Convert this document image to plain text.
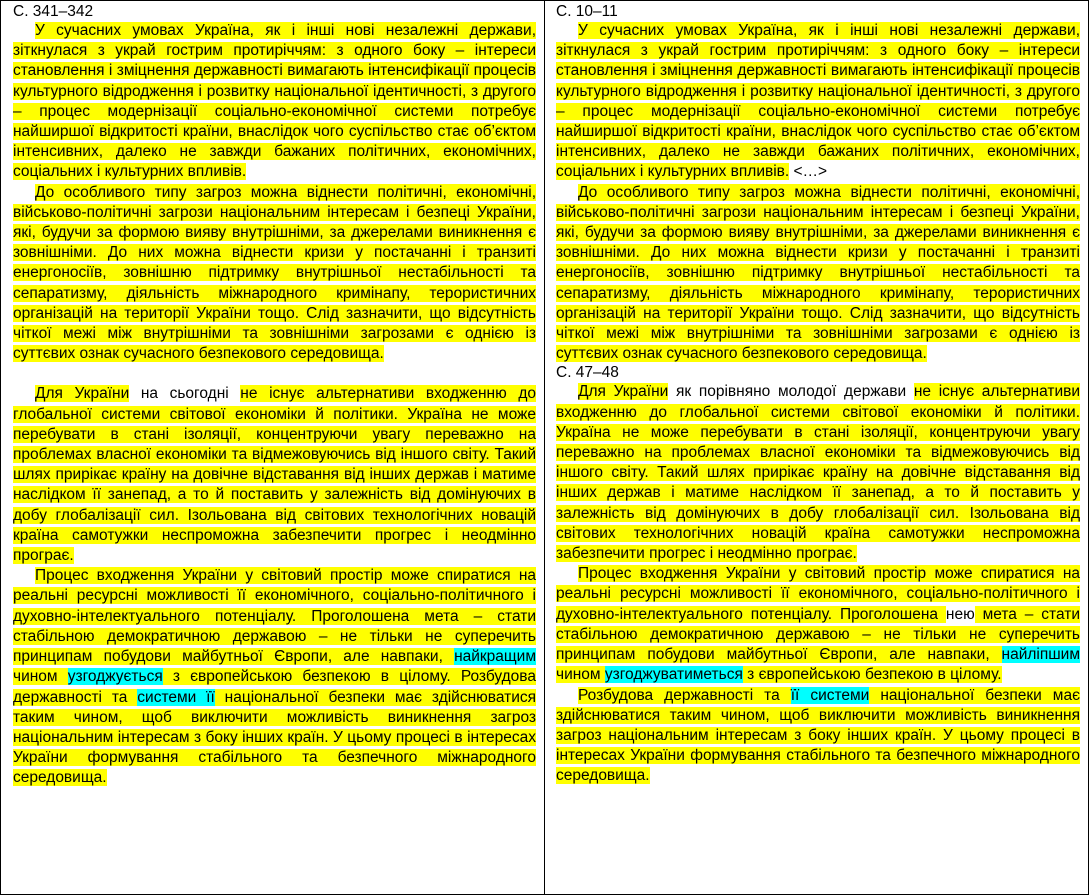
С. 341–342

У сучасних умовах Україна, як і інші нові незалежні держави, зіткнулася з украй гострим протиріччям: з одного боку – інтереси становлення і зміцнення державності вимагають інтенсифікації процесів культурного відродження і розвитку національної ідентичності, з другого – процес модернізації соціально-економічної системи потребує найширшої відкритості країни, внаслідок чого суспільство стає об’єктом інтенсивних, далеко не завжди бажаних політичних, економічних, соціальних і культурних впливів.

До особливого типу загроз можна віднести політичні, економічні, військово-політичні загрози національним інтересам і безпеці України, які, будучи за формою вияву внутрішніми, за джерелами виникнення є зовнішніми. До них можна віднести кризи у постачанні і транзиті енергоносіїв, зовнішню підтримку внутрішньої нестабільності та сепаратизму, діяльність міжнародного кримінапу, терористичних організацій на території України тощо. Слід зазначити, що відсутність чіткої межі між внутрішніми та зовнішніми загрозами є однією із суттєвих ознак сучасного безпекового середовища.

Для України на сьогодні не існує альтернативи входженню до глобальної системи світової економіки й політики. Україна не може перебувати в стані ізоляції, концентруючи увагу переважно на проблемах власної економіки та відмежовуючись від іншого світу. Такий шлях прирікає країну на довічне відставання від інших держав і матиме наслідком її занепад, а то й поставить у залежність від домінуючих в добу глобалізації сил. Ізольована від світових технологічних новацій країна самотужки неспроможна забезпечити прогрес і неодмінно програє.

Процес входження України у світовий простір може спиратися на реальні ресурсні можливості її економічного, соціально-політичного і духовно-інтелектуального потенціалу. Проголошена мета – стати стабільною демократичною державою – не тільки не суперечить принципам побудови майбутньої Європи, але навпаки, найкращим чином узгоджується з європейською безпекою в цілому. Розбудова державності та системи її національної безпеки має здійснюватися таким чином, щоб виключити можливість виникнення загроз національним інтересам з боку інших країн. У цьому процесі в інтересах України формування стабільного та безпечного міжнародного середовища.

С. 10–11

У сучасних умовах Україна, як і інші нові незалежні держави, зіткнулася з украй гострим протиріччям: з одного боку – інтереси становлення і зміцнення державності вимагають інтенсифікації процесів культурного відродження і розвитку національної ідентичності, з другого – процес модернізації соціально-економічної системи потребує найширшої відкритості країни, внаслідок чого суспільство стає об’єктом інтенсивних, далеко не завжди бажаних політичних, економічних, соціальних і культурних впливів. <…>

До особливого типу загроз можна віднести політичні, економічні, військово-політичні загрози національним інтересам і безпеці України, які, будучи за формою вияву внутрішніми, за джерелами виникнення є зовнішніми. До них можна віднести кризи у постачанні і транзиті енергоносіїв, зовнішню підтримку внутрішньої нестабільності та сепаратизму, діяльність міжнародного кримінапу, терористичних організацій на території України тощо. Слід зазначити, що відсутність чіткої межі між внутрішніми та зовнішніми загрозами є однією із суттєвих ознак сучасного безпекового середовища.

С. 47–48

Для України як порівняно молодої держави не існує альтернативи входженню до глобальної системи світової економіки й політики. Україна не може перебувати в стані ізоляції, концентруючи увагу переважно на проблемах власної економіки та відмежовуючись від іншого світу. Такий шлях прирікає країну на довічне відставання від інших держав і матиме наслідком її занепад, а то й поставить у залежність від домінуючих в добу глобалізації сил. Ізольована від світових технологічних новацій країна самотужки неспроможна забезпечити прогрес і неодмінно програє.

Процес входження України у світовий простір може спиратися на реальні ресурсні можливості її економічного, соціально-політичного і духовно-інтелектуального потенціалу. Проголошена нею мета – стати стабільною демократичною державою – не тільки не суперечить принципам побудови майбутньої Європи, але навпаки, найліпшим чином узгоджуватиметься з європейською безпекою в цілому.

Розбудова державності та її системи національної безпеки має здійснюватися таким чином, щоб виключити можливість виникнення загроз національним інтересам з боку інших країн. У цьому процесі в інтересах України формування стабільного та безпечного міжнародного середовища.
